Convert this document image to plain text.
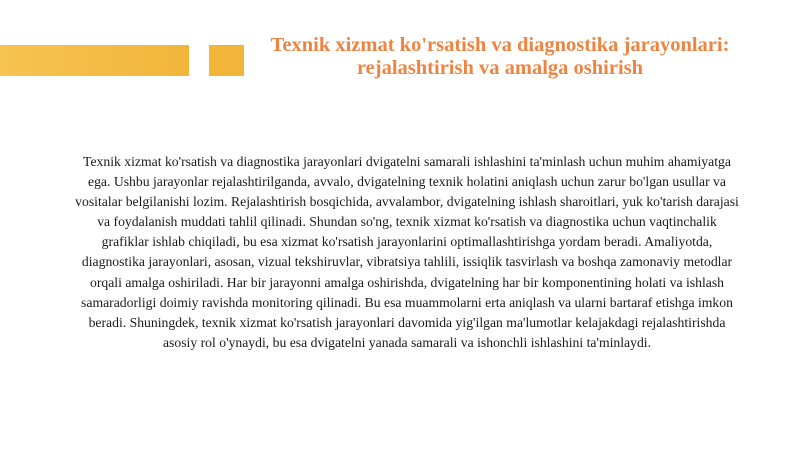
Texnik xizmat ko'rsatish va diagnostika jarayonlari: rejalashtirish va amalga oshirish

Texnik xizmat ko'rsatish va diagnostika jarayonlari dvigatelni samarali ishlashini ta'minlash uchun muhim ahamiyatga ega. Ushbu jarayonlar rejalashtirilganda, avvalo, dvigatelning texnik holatini aniqlash uchun zarur bo'lgan usullar va vositalar belgilanishi lozim. Rejalashtirish bosqichida, avvalambor, dvigatelning ishlash sharoitlari, yuk ko'tarish darajasi va foydalanish muddati tahlil qilinadi. Shundan so'ng, texnik xizmat ko'rsatish va diagnostika uchun vaqtinchalik grafiklar ishlab chiqiladi, bu esa xizmat ko'rsatish jarayonlarini optimallashtirishga yordam beradi. Amaliyotda, diagnostika jarayonlari, asosan, vizual tekshiruvlar, vibratsiya tahlili, issiqlik tasvirlash va boshqa zamonaviy metodlar orqali amalga oshiriladi. Har bir jarayonni amalga oshirishda, dvigatelning har bir komponentining holati va ishlash samaradorligi doimiy ravishda monitoring qilinadi. Bu esa muammolarni erta aniqlash va ularni bartaraf etishga imkon beradi. Shuningdek, texnik xizmat ko'rsatish jarayonlari davomida yig'ilgan ma'lumotlar kelajakdagi rejalashtirishda asosiy rol o'ynaydi, bu esa dvigatelni yanada samarali va ishonchli ishlashini ta'minlaydi.
